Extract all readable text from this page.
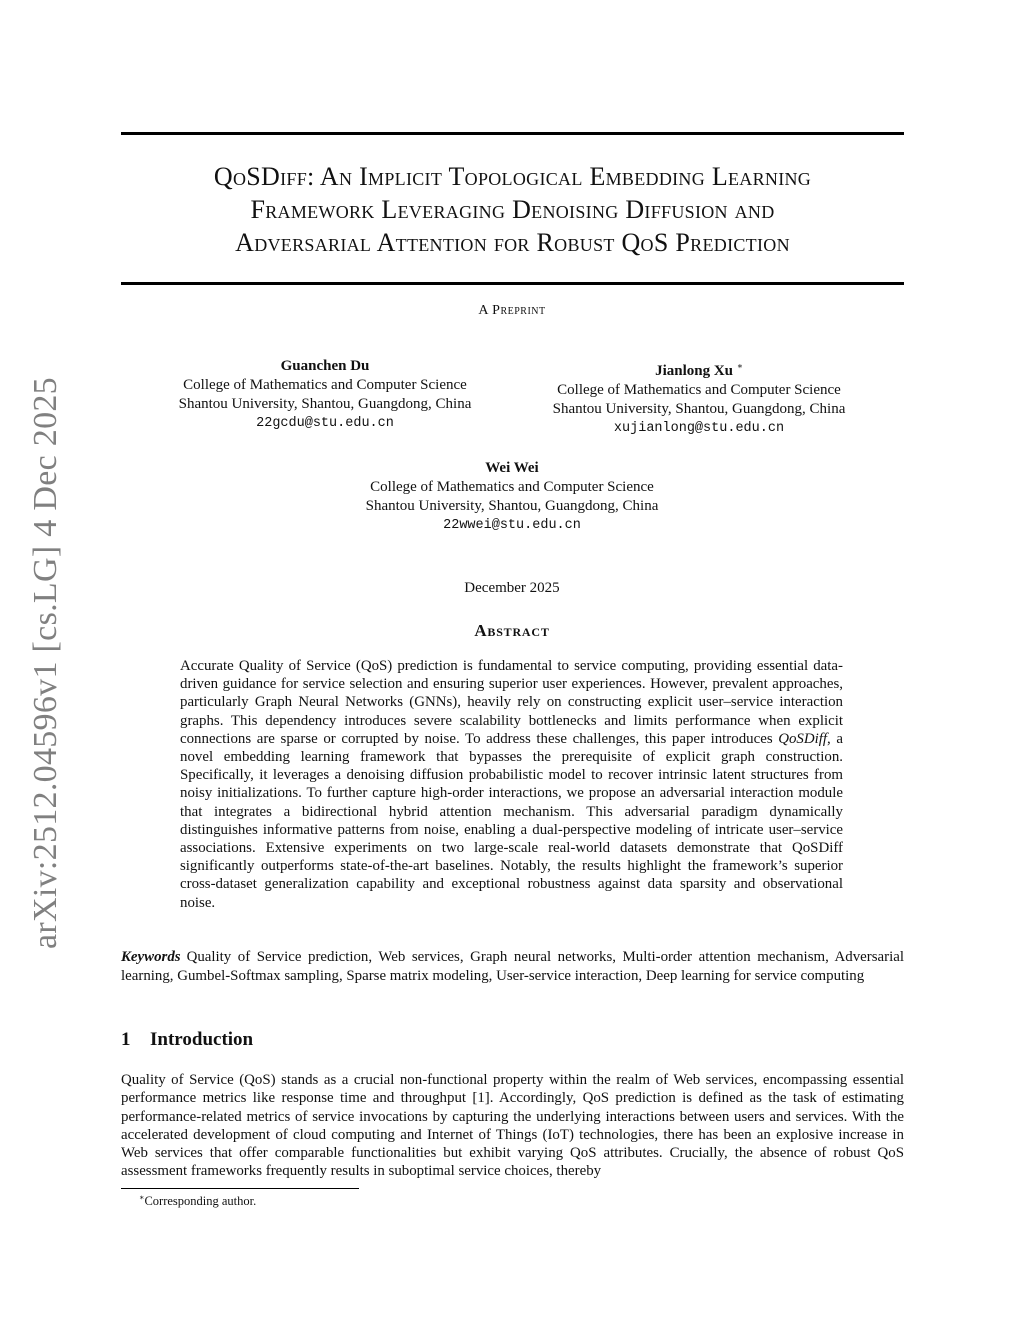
arXiv:2512.04596v1 [cs.LG] 4 Dec 2025
QoSDiff: An Implicit Topological Embedding Learning
Framework Leveraging Denoising Diffusion and
Adversarial Attention for Robust QoS Prediction
A Preprint
Guanchen Du
College of Mathematics and Computer Science
Shantou University, Shantou, Guangdong, China
22gcdu@stu.edu.cn
Jianlong Xu ∗
College of Mathematics and Computer Science
Shantou University, Shantou, Guangdong, China
xujianlong@stu.edu.cn
Wei Wei
College of Mathematics and Computer Science
Shantou University, Shantou, Guangdong, China
22wwei@stu.edu.cn
December 2025
Abstract

Accurate Quality of Service (QoS) prediction is fundamental to service computing, providing essential data-driven guidance for service selection and ensuring superior user experiences. However, prevalent approaches, particularly Graph Neural Networks (GNNs), heavily rely on constructing explicit user–service interaction graphs. This dependency introduces severe scalability bottlenecks and limits performance when explicit connections are sparse or corrupted by noise. To address these challenges, this paper introduces QoSDiff, a novel embedding learning framework that bypasses the prerequisite of explicit graph construction. Specifically, it leverages a denoising diffusion probabilistic model to recover intrinsic latent structures from noisy initializations. To further capture high-order interactions, we propose an adversarial interaction module that integrates a bidirectional hybrid attention mechanism. This adversarial paradigm dynamically distinguishes informative patterns from noise, enabling a dual-perspective modeling of intricate user–service associations. Extensive experiments on two large-scale real-world datasets demonstrate that QoSDiff significantly outperforms state-of-the-art baselines. Notably, the results highlight the framework’s superior cross-dataset generalization capability and exceptional robustness against data sparsity and observational noise.

Keywords Quality of Service prediction, Web services, Graph neural networks, Multi-order attention mechanism, Adversarial learning, Gumbel-Softmax sampling, Sparse matrix modeling, User-service interaction, Deep learning for service computing

1 Introduction

Quality of Service (QoS) stands as a crucial non-functional property within the realm of Web services, encompassing essential performance metrics like response time and throughput [1]. Accordingly, QoS prediction is defined as the task of estimating performance-related metrics of service invocations by capturing the underlying interactions between users and services. With the accelerated development of cloud computing and Internet of Things (IoT) technologies, there has been an explosive increase in Web services that offer comparable functionalities but exhibit varying QoS attributes. Crucially, the absence of robust QoS assessment frameworks frequently results in suboptimal service choices, thereby

∗Corresponding author.
